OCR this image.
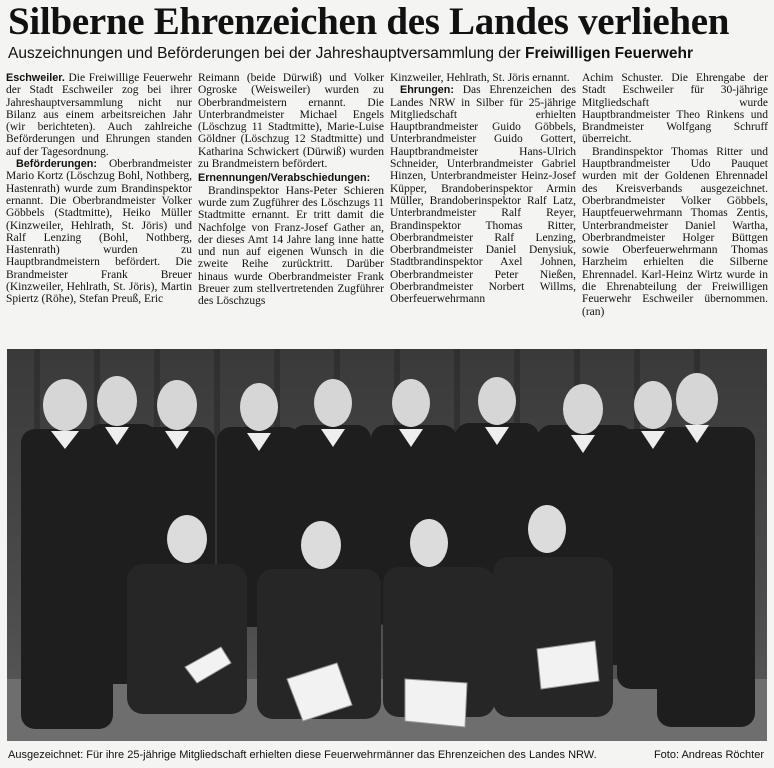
Silberne Ehrenzeichen des Landes verliehen
Auszeichnungen und Beförderungen bei der Jahreshauptversammlung der Freiwilligen Feuerwehr

Eschweiler. Die Freiwillige Feuerwehr der Stadt Eschweiler zog bei ihrer Jahreshauptversammlung nicht nur Bilanz aus einem arbeitsreichen Jahr (wir berichteten). Auch zahlreiche Beförderungen und Ehrungen standen auf der Tagesordnung.

Beförderungen: Oberbrandmeister Mario Kortz (Löschzug Bohl, Nothberg, Hastenrath) wurde zum Brandinspektor ernannt. Die Oberbrandmeister Volker Göbbels (Stadtmitte), Heiko Müller (Kinzweiler, Hehlrath, St. Jöris) und Ralf Lenzing (Bohl, Nothberg, Hastenrath) wurden zu Hauptbrandmeistern befördert. Die Brandmeister Frank Breuer (Kinzweiler, Hehlrath, St. Jöris), Martin Spiertz (Röhe), Stefan Preuß, Eric

Reimann (beide Dürwiß) und Volker Ogroske (Weisweiler) wurden zu Oberbrandmeistern ernannt. Die Unterbrandmeister Michael Engels (Löschzug 11 Stadtmitte), Marie-Luise Göldner (Löschzug 12 Stadtmitte) und Katharina Schwickert (Dürwiß) wurden zu Brandmeistern befördert.

Ernennungen/Verabschiedungen:

Brandinspektor Hans-Peter Schieren wurde zum Zugführer des Löschzugs 11 Stadtmitte ernannt. Er tritt damit die Nachfolge von Franz-Josef Gather an, der dieses Amt 14 Jahre lang inne hatte und nun auf eigenen Wunsch in die zweite Reihe zurücktritt. Darüber hinaus wurde Oberbrandmeister Frank Breuer zum stellvertretenden Zugführer des Löschzugs

Kinzweiler, Hehlrath, St. Jöris ernannt.

Ehrungen: Das Ehrenzeichen des Landes NRW in Silber für 25-jährige Mitgliedschaft erhielten Hauptbrandmeister Guido Göbbels, Unterbrandmeister Guido Gottert, Hauptbrandmeister Hans-Ulrich Schneider, Unterbrandmeister Gabriel Hinzen, Unterbrandmeister Heinz-Josef Küpper, Brandoberinspektor Armin Müller, Brandoberinspektor Ralf Latz, Unterbrandmeister Ralf Reyer, Brandinspektor Thomas Ritter, Oberbrandmeister Ralf Lenzing, Oberbrandmeister Daniel Denysiuk, Stadtbrandinspektor Axel Johnen, Oberbrandmeister Peter Nießen, Oberbrandmeister Norbert Willms, Oberfeuerwehrmann

Achim Schuster. Die Ehrengabe der Stadt Eschweiler für 30-jährige Mitgliedschaft wurde Hauptbrandmeister Theo Rinkens und Brandmeister Wolfgang Schruff überreicht.

Brandinspektor Thomas Ritter und Hauptbrandmeister Udo Pauquet wurden mit der Goldenen Ehrennadel des Kreisverbands ausgezeichnet. Oberbrandmeister Volker Göbbels, Hauptfeuerwehrmann Thomas Zentis, Unterbrandmeister Daniel Wartha, Oberbrandmeister Holger Büttgen sowie Oberfeuerwehrmann Thomas Harzheim erhielten die Silberne Ehrennadel. Karl-Heinz Wirtz wurde in die Ehrenabteilung der Freiwilligen Feuerwehr Eschweiler übernommen. (ran)

Ausgezeichnet: Für ihre 25-jährige Mitgliedschaft erhielten diese Feuerwehrmänner das Ehrenzeichen des Landes NRW.	Foto: Andreas Röchter
